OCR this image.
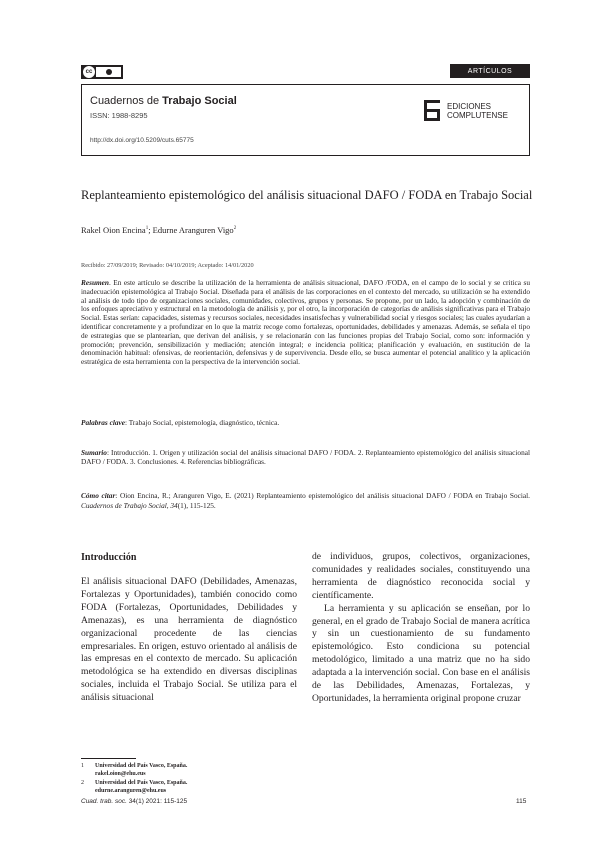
cc	ARTÍCULOS
Cuadernos de Trabajo Social
ISSN: 1988-8295
http://dx.doi.org/10.5209/cuts.65775
EDICIONES
COMPLUTENSE
Replanteamiento epistemológico del análisis situacional DAFO / FODA en Trabajo Social
Rakel Oion Encina$^1$; Edurne Aranguren Vigo$^2$
Recibido: 27/09/2019; Revisado: 04/10/2019; Aceptado: 14/01/2020

Resumen. En este artículo se describe la utilización de la herramienta de análisis situacional, DAFO /FODA, en el campo de lo social y se critica su inadecuación epistemológica al Trabajo Social. Diseñada para el análisis de las corporaciones en el contexto del mercado, su utilización se ha extendido al análisis de todo tipo de organizaciones sociales, comunidades, colectivos, grupos y personas. Se propone, por un lado, la adopción y combinación de los enfoques apreciativo y estructural en la metodología de análisis y, por el otro, la incorporación de categorías de análisis significativas para el Trabajo Social. Estas serían: capacidades, sistemas y recursos sociales, necesidades insatisfechas y vulnerabilidad social y riesgos sociales; las cuales ayudarían a identificar concretamente y a profundizar en lo que la matriz recoge como fortalezas, oportunidades, debilidades y amenazas. Además, se señala el tipo de estrategias que se plantearían, que derivan del análisis, y se relacionarán con las funciones propias del Trabajo Social, como son: información y promoción; prevención, sensibilización y mediación; atención integral; e incidencia política; planificación y evaluación, en sustitución de la denominación habitual: ofensivas, de reorientación, defensivas y de supervivencia. Desde ello, se busca aumentar el potencial analítico y la aplicación estratégica de esta herramienta con la perspectiva de la intervención social.

Palabras clave: Trabajo Social, epistemología, diagnóstico, técnica.

Sumario: Introducción. 1. Origen y utilización social del análisis situacional DAFO / FODA. 2. Replanteamiento epistemológico del análisis situacional DAFO / FODA. 3. Conclusiones. 4. Referencias bibliográficas.

Cómo citar: Oion Encina, R.; Aranguren Vigo, E. (2021) Replanteamiento epistemológico del análisis situacional DAFO / FODA en Trabajo Social. Cuadernos de Trabajo Social, 34(1), 115-125.

Introducción

El análisis situacional DAFO (Debilidades, Amenazas, Fortalezas y Oportunidades), también conocido como FODA (Fortalezas, Oportunidades, Debilidades y Amenazas), es una herramienta de diagnóstico organizacional procedente de las ciencias empresariales. En origen, estuvo orientado al análisis de las empresas en el contexto de mercado. Su aplicación metodológica se ha extendido en diversas disciplinas sociales, incluida el Trabajo Social. Se utiliza para el análisis situacional

de individuos, grupos, colectivos, organizaciones, comunidades y realidades sociales, constituyendo una herramienta de diagnóstico reconocida social y científicamente.

La herramienta y su aplicación se enseñan, por lo general, en el grado de Trabajo Social de manera acrítica y sin un cuestionamiento de su fundamento epistemológico. Esto condiciona su potencial metodológico, limitado a una matriz que no ha sido adaptada a la intervención social. Con base en el análisis de las Debilidades, Amenazas, Fortalezas, y Oportunidades, la herramienta original propone cruzar

1	Universidad del País Vasco, España.
rakel.oion@ehu.eus
2	Universidad del País Vasco, España.
edurne.aranguren@ehu.eus
Cuad. trab. soc. 34(1) 2021: 115-125	115
